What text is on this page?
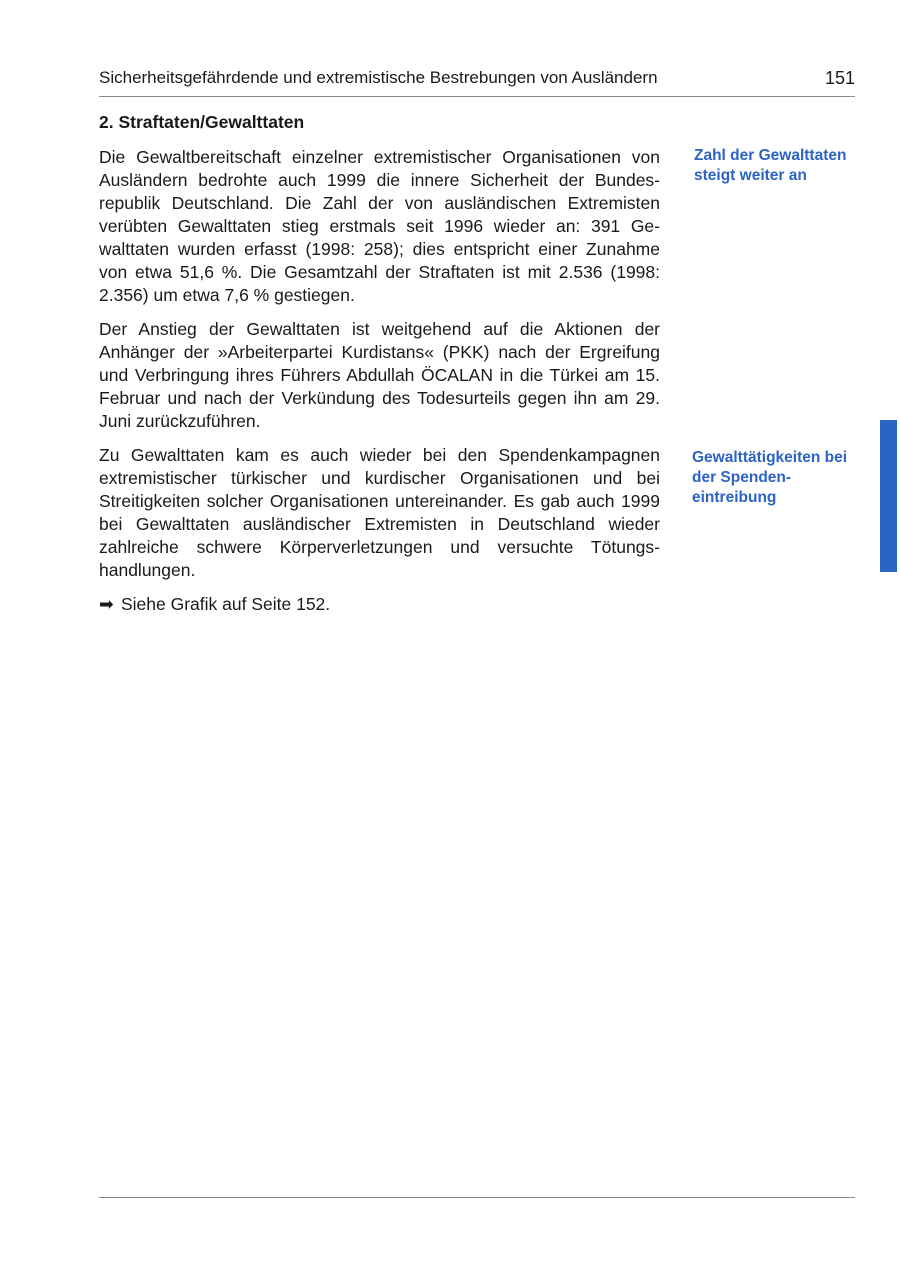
Sicherheitsgefährdende und extremistische Bestrebungen von Ausländern	151
2. Straftaten/Gewalttaten

Die Gewaltbereitschaft einzelner extremistischer Organisationen von Ausländern bedrohte auch 1999 die innere Sicherheit der Bundesrepublik Deutschland. Die Zahl der von ausländischen Extremisten verübten Gewalttaten stieg erstmals seit 1996 wieder an: 391 Gewalttaten wurden erfasst (1998: 258); dies entspricht einer Zunahme von etwa 51,6 %. Die Gesamtzahl der Straftaten ist mit 2.536 (1998: 2.356) um etwa 7,6 % gestiegen.

Der Anstieg der Gewalttaten ist weitgehend auf die Aktionen der Anhänger der »Arbeiterpartei Kurdistans« (PKK) nach der Ergreifung und Verbringung ihres Führers Abdullah ÖCALAN in die Türkei am 15. Februar und nach der Verkündung des Todesurteils gegen ihn am 29. Juni zurückzuführen.

Zu Gewalttaten kam es auch wieder bei den Spendenkampagnen extremistischer türkischer und kurdischer Organisationen und bei Streitigkeiten solcher Organisationen untereinander. Es gab auch 1999 bei Gewalttaten ausländischer Extremisten in Deutschland wieder zahlreiche schwere Körperverletzungen und versuchte Tötungshandlungen.

➡ Siehe Grafik auf Seite 152.
Zahl der Gewalttaten steigt weiter an
Gewalttätigkeiten bei der Spendeneintreibung
